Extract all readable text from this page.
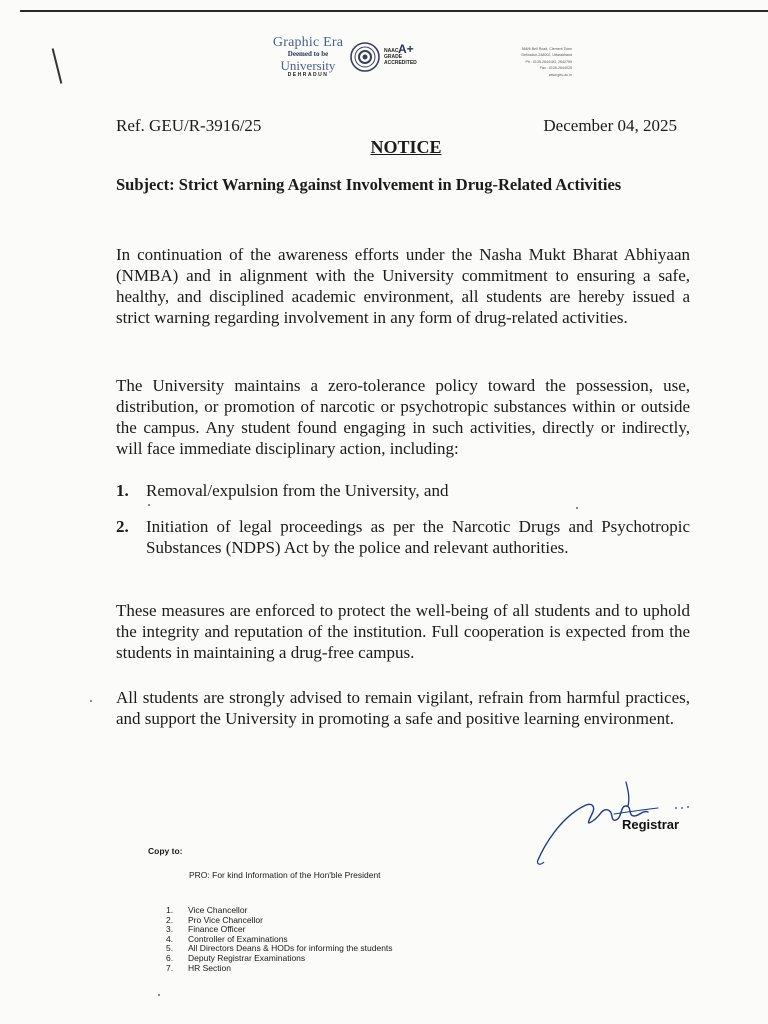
Graphic Era
Deemed to be
University
DEHRADUN
NAAC
GRADE
ACCREDITED
A+	566/6 Bell Road, Clement Town
Dehradun-248002, Uttarakhand
Ph : 0135-2644183, 2642799
Fax : 0135-2644025
www.geu.ac.in
Ref. GEU/R-3916/25	December 04, 2025
NOTICE
Subject: Strict Warning Against Involvement in Drug-Related Activities
In continuation of the awareness efforts under the Nasha Mukt Bharat Abhiyaan (NMBA) and in alignment with the University commitment to ensuring a safe, healthy, and disciplined academic environment, all students are hereby issued a strict warning regarding involvement in any form of drug-related activities.
The University maintains a zero-tolerance policy toward the possession, use, distribution, or promotion of narcotic or psychotropic substances within or outside the campus. Any student found engaging in such activities, directly or indirectly, will face immediate disciplinary action, including:
1. Removal/expulsion from the University, and
2. Initiation of legal proceedings as per the Narcotic Drugs and Psychotropic Substances (NDPS) Act by the police and relevant authorities.
These measures are enforced to protect the well-being of all students and to uphold the integrity and reputation of the institution. Full cooperation is expected from the students in maintaining a drug-free campus.
All students are strongly advised to remain vigilant, refrain from harmful practices, and support the University in promoting a safe and positive learning environment.
Registrar
Copy to:
PRO: For kind Information of the Hon'ble President
1. Vice Chancellor
2. Pro Vice Chancellor
3. Finance Officer
4. Controller of Examinations
5. All Directors Deans & HODs for informing the students
6. Deputy Registrar Examinations
7. HR Section
